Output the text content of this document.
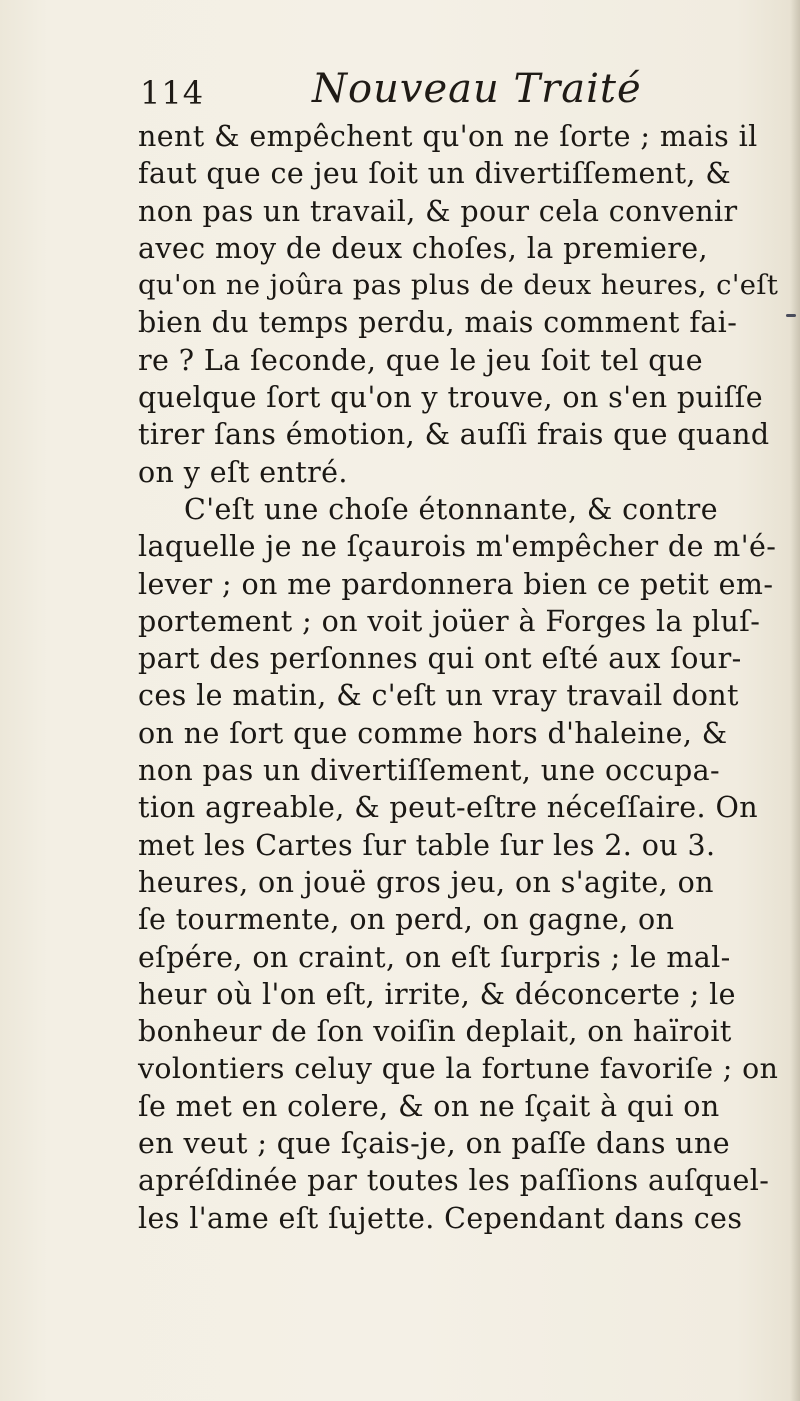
114	Nouveau Traité
nent & empêchent qu'on ne ſorte ; mais il
faut que ce jeu ſoit un divertiſſement, &
non pas un travail, & pour cela convenir
avec moy de deux choſes, la premiere,
qu'on ne joûra pas plus de deux heures, c'eſt
bien du temps perdu, mais comment fai-
re ? La ſeconde, que le jeu ſoit tel que
quelque ſort qu'on y trouve, on s'en puiſſe
tirer ſans émotion, & auſſi frais que quand
on y eſt entré.
C'eſt une choſe étonnante, & contre
laquelle je ne ſçaurois m'empêcher de m'é-
lever ; on me pardonnera bien ce petit em-
portement ; on voit joüer à Forges la pluſ-
part des perſonnes qui ont eſté aux ſour-
ces le matin, & c'eſt un vray travail dont
on ne ſort que comme hors d'haleine, &
non pas un divertiſſement, une occupa-
tion agreable, & peut-eſtre néceſſaire. On
met les Cartes ſur table ſur les 2. ou 3.
heures, on jouë gros jeu, on s'agite, on
ſe tourmente, on perd, on gagne, on
eſpére, on craint, on eſt ſurpris ; le mal-
heur où l'on eſt, irrite, & déconcerte ; le
bonheur de ſon voiſin deplait, on haïroit
volontiers celuy que la fortune favoriſe ; on
ſe met en colere, & on ne ſçait à qui on
en veut ; que ſçais-je, on paſſe dans une
apréſdinée par toutes les paſſions auſquel-
les l'ame eſt ſujette. Cependant dans ces
